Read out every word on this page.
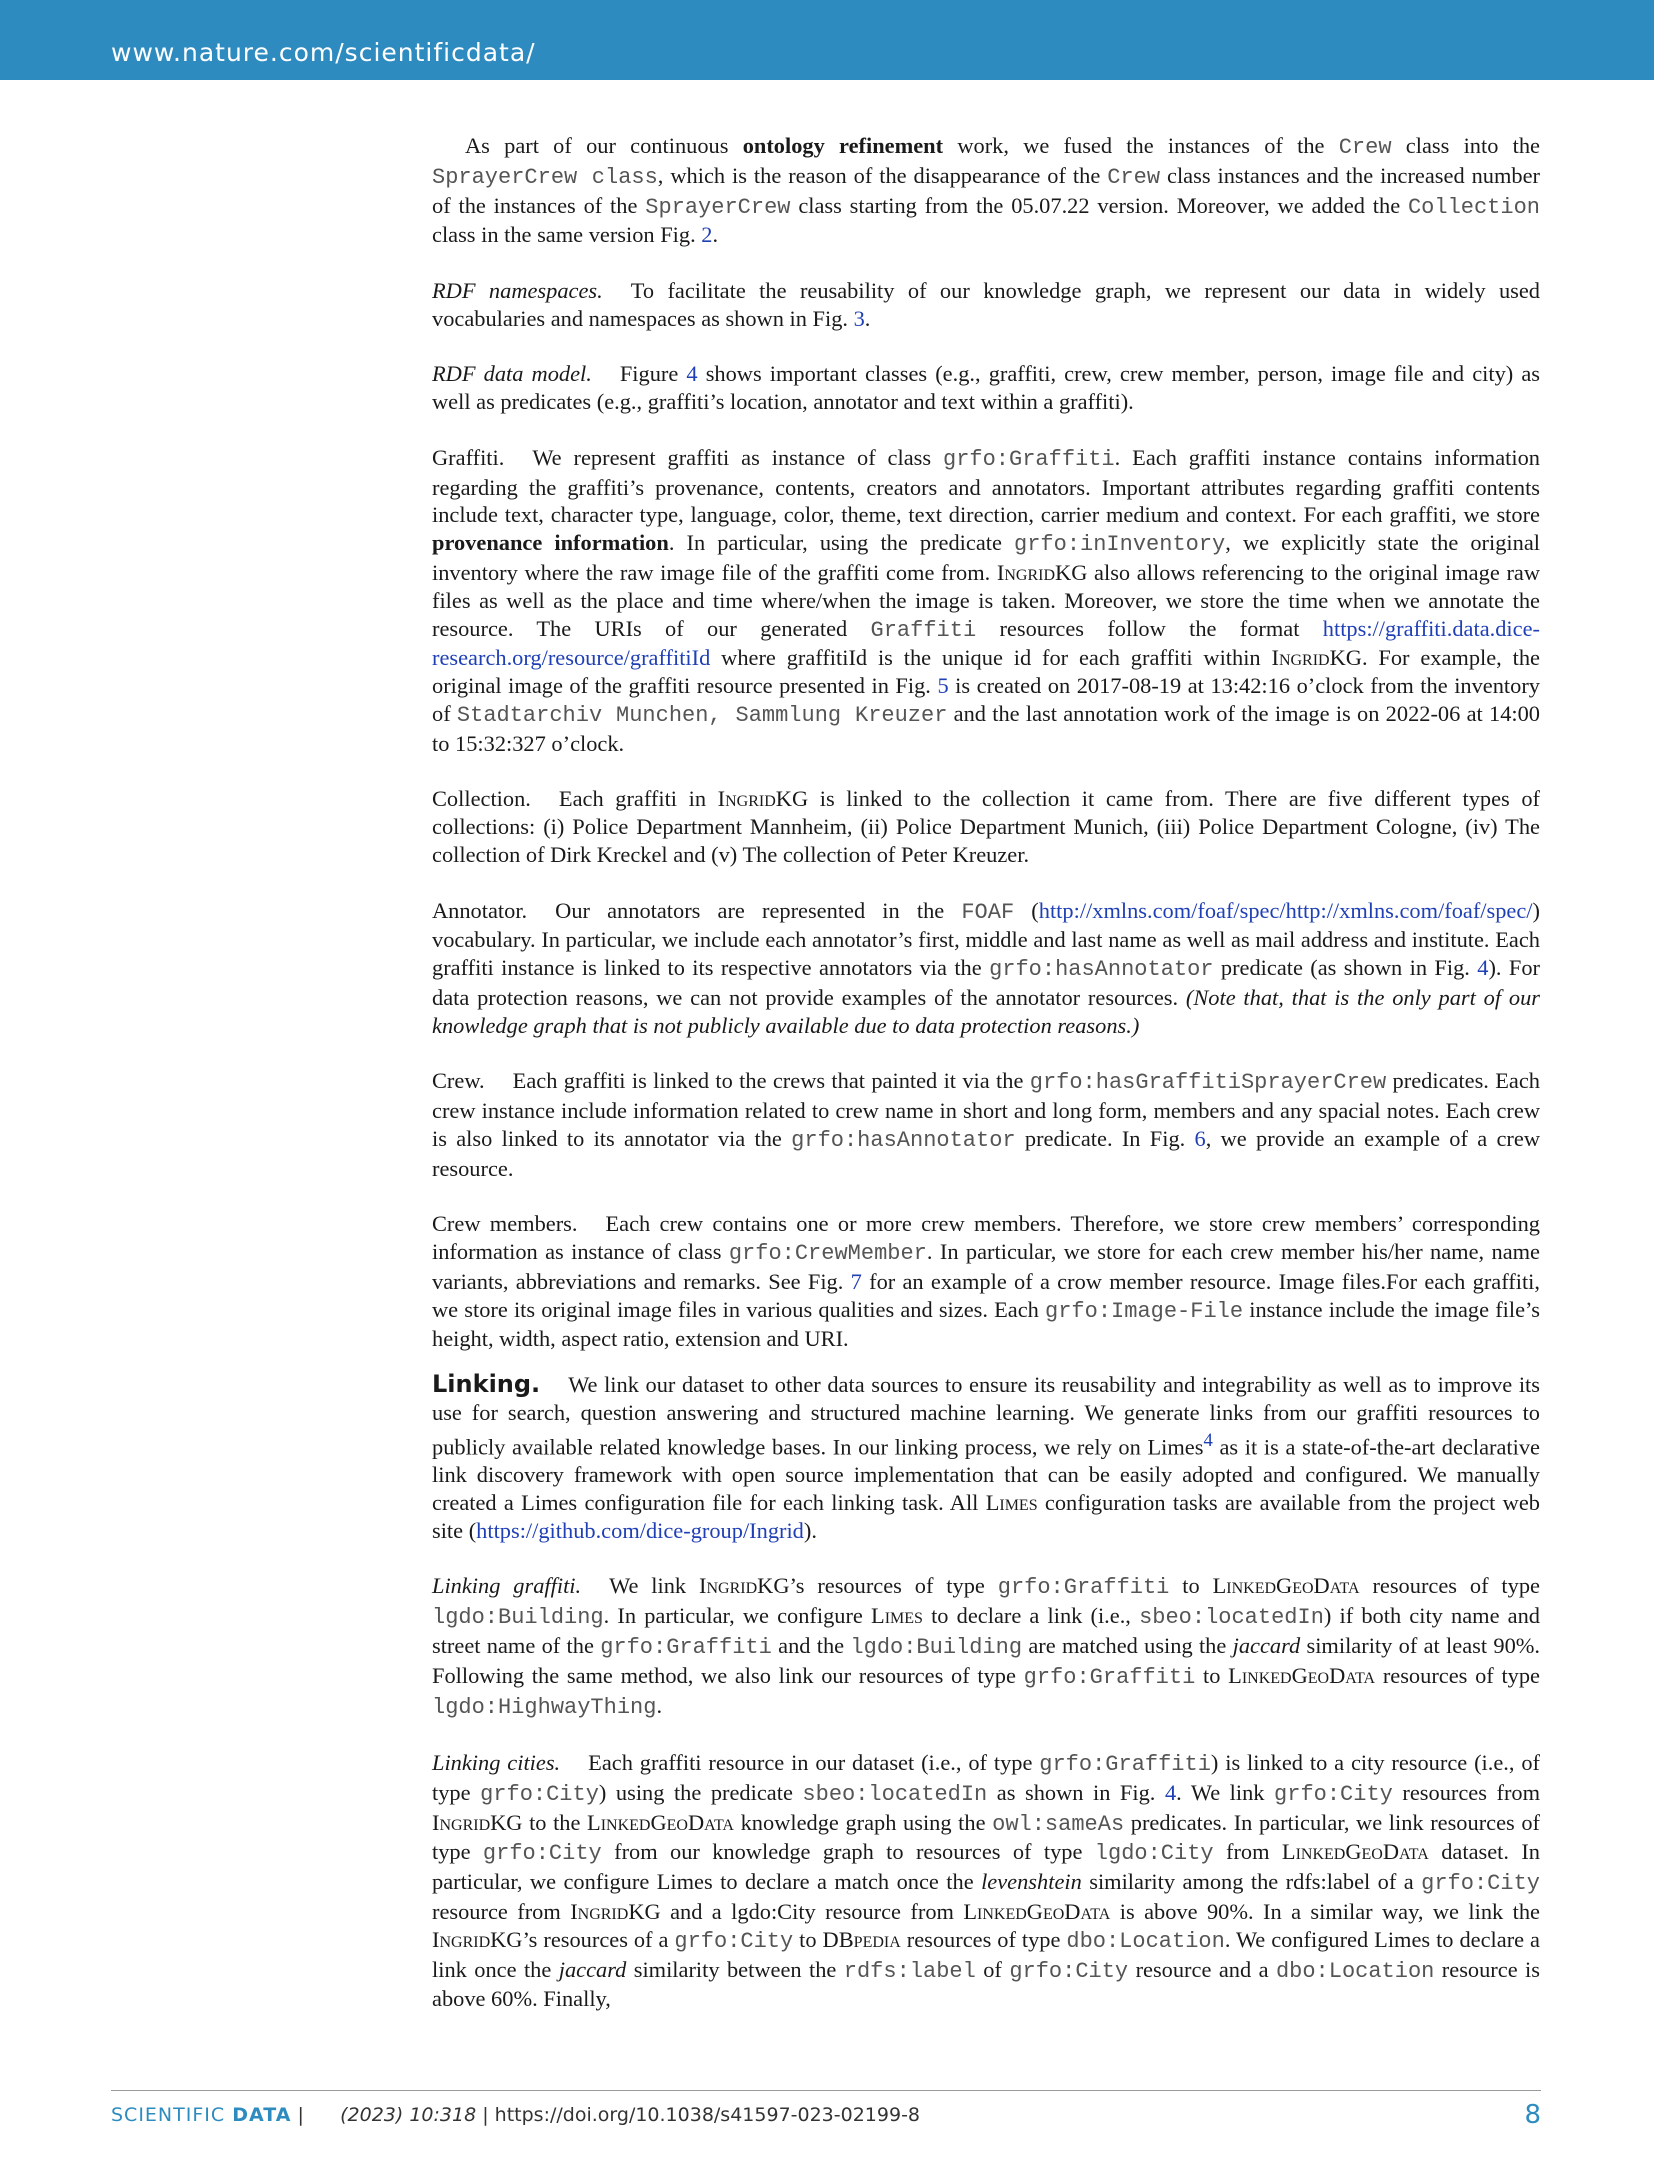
www.nature.com/scientificdata/

As part of our continuous ontology refinement work, we fused the instances of the Crew class into the SprayerCrew class, which is the reason of the disappearance of the Crew class instances and the increased number of the instances of the SprayerCrew class starting from the 05.07.22 version. Moreover, we added the Collection class in the same version Fig. 2.

RDF namespaces. To facilitate the reusability of our knowledge graph, we represent our data in widely used vocabularies and namespaces as shown in Fig. 3.

RDF data model. Figure 4 shows important classes (e.g., graffiti, crew, crew member, person, image file and city) as well as predicates (e.g., graffiti’s location, annotator and text within a graffiti).

Graffiti. We represent graffiti as instance of class grfo:Graffiti. Each graffiti instance contains information regarding the graffiti’s provenance, contents, creators and annotators. Important attributes regarding graffiti contents include text, character type, language, color, theme, text direction, carrier medium and context. For each graffiti, we store provenance information. In particular, using the predicate grfo:inInventory, we explicitly state the original inventory where the raw image file of the graffiti come from. IngridKG also allows referencing to the original image raw files as well as the place and time where/when the image is taken. Moreover, we store the time when we annotate the resource. The URIs of our generated Graffiti resources follow the format https://graffiti.data.dice-research.org/resource/graffitiId where graffitiId is the unique id for each graffiti within IngridKG. For example, the original image of the graffiti resource presented in Fig. 5 is created on 2017-08-19 at 13:42:16 o’clock from the inventory of Stadtarchiv Munchen, Sammlung Kreuzer and the last annotation work of the image is on 2022-06 at 14:00 to 15:32:327 o’clock.

Collection. Each graffiti in IngridKG is linked to the collection it came from. There are five different types of collections: (i) Police Department Mannheim, (ii) Police Department Munich, (iii) Police Department Cologne, (iv) The collection of Dirk Kreckel and (v) The collection of Peter Kreuzer.

Annotator. Our annotators are represented in the FOAF (http://xmlns.com/foaf/spec/http://xmlns.com/foaf/spec/) vocabulary. In particular, we include each annotator’s first, middle and last name as well as mail address and institute. Each graffiti instance is linked to its respective annotators via the grfo:hasAnnotator predicate (as shown in Fig. 4). For data protection reasons, we can not provide examples of the annotator resources. (Note that, that is the only part of our knowledge graph that is not publicly available due to data protection reasons.)

Crew. Each graffiti is linked to the crews that painted it via the grfo:hasGraffitiSprayerCrew predicates. Each crew instance include information related to crew name in short and long form, members and any spacial notes. Each crew is also linked to its annotator via the grfo:hasAnnotator predicate. In Fig. 6, we provide an example of a crew resource.

Crew members. Each crew contains one or more crew members. Therefore, we store crew members’ corresponding information as instance of class grfo:CrewMember. In particular, we store for each crew member his/her name, name variants, abbreviations and remarks. See Fig. 7 for an example of a crow member resource. Image files.For each graffiti, we store its original image files in various qualities and sizes. Each grfo:Image-File instance include the image file’s height, width, aspect ratio, extension and URI.

Linking. We link our dataset to other data sources to ensure its reusability and integrability as well as to improve its use for search, question answering and structured machine learning. We generate links from our graffiti resources to publicly available related knowledge bases. In our linking process, we rely on Limes$^4$ as it is a state-of-the-art declarative link discovery framework with open source implementation that can be easily adopted and configured. We manually created a Limes configuration file for each linking task. All Limes configuration tasks are available from the project web site (https://github.com/dice-group/Ingrid).

Linking graffiti. We link IngridKG’s resources of type grfo:Graffiti to LinkedGeoData resources of type lgdo:Building. In particular, we configure Limes to declare a link (i.e., sbeo:locatedIn) if both city name and street name of the grfo:Graffiti and the lgdo:Building are matched using the jaccard similarity of at least 90%. Following the same method, we also link our resources of type grfo:Graffiti to LinkedGeoData resources of type lgdo:HighwayThing.

Linking cities. Each graffiti resource in our dataset (i.e., of type grfo:Graffiti) is linked to a city resource (i.e., of type grfo:City) using the predicate sbeo:locatedIn as shown in Fig. 4. We link grfo:City resources from IngridKG to the LinkedGeoData knowledge graph using the owl:sameAs predicates. In particular, we link resources of type grfo:City from our knowledge graph to resources of type lgdo:City from LinkedGeoData dataset. In particular, we configure Limes to declare a match once the levenshtein similarity among the rdfs:label of a grfo:City resource from IngridKG and a lgdo:City resource from LinkedGeoData is above 90%. In a similar way, we link the IngridKG’s resources of a grfo:City to DBpedia resources of type dbo:Location. We configured Limes to declare a link once the jaccard similarity between the rdfs:label of grfo:City resource and a dbo:Location resource is above 60%. Finally,

SCIENTIFIC DATA | (2023) 10:318 | https://doi.org/10.1038/s41597-023-02199-8	8
